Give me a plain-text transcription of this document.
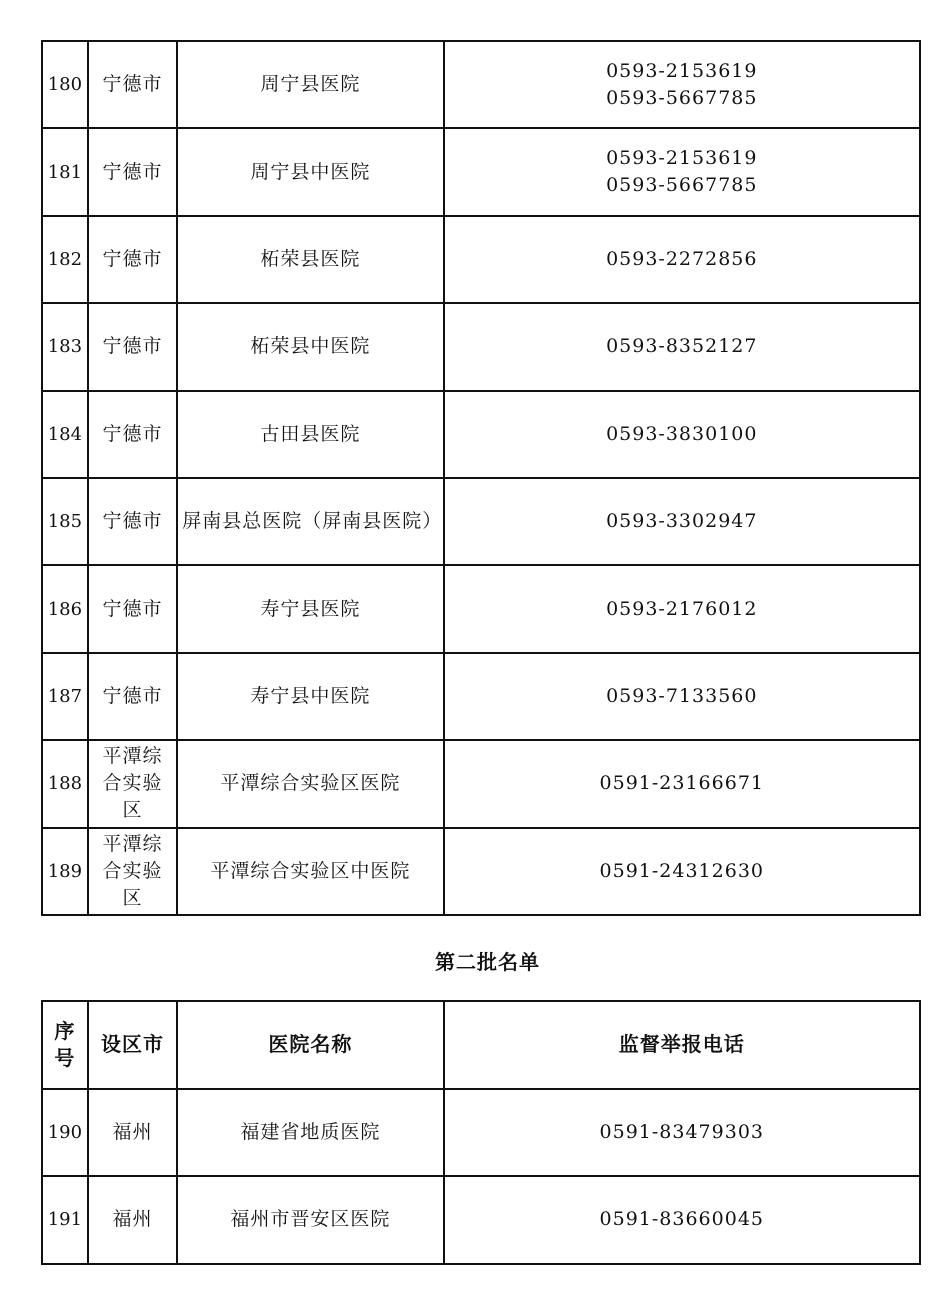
180	宁德市	周宁县医院	0593-2153619
0593-5667785

181	宁德市	周宁县中医院	0593-2153619
0593-5667785

182	宁德市	柘荣县医院	0593-2272856

183	宁德市	柘荣县中医院	0593-8352127

184	宁德市	古田县医院	0593-3830100

185	宁德市	屏南县总医院（屏南县医院）	0593-3302947

186	宁德市	寿宁县医院	0593-2176012

187	宁德市	寿宁县中医院	0593-7133560

188	平潭综合实验区	平潭综合实验区医院	0591-23166671

189	平潭综合实验区	平潭综合实验区中医院	0591-24312630
第二批名单
序号	设区市	医院名称	监督举报电话
190	福州	福建省地质医院	0591-83479303

191	福州	福州市晋安区医院	0591-83660045
